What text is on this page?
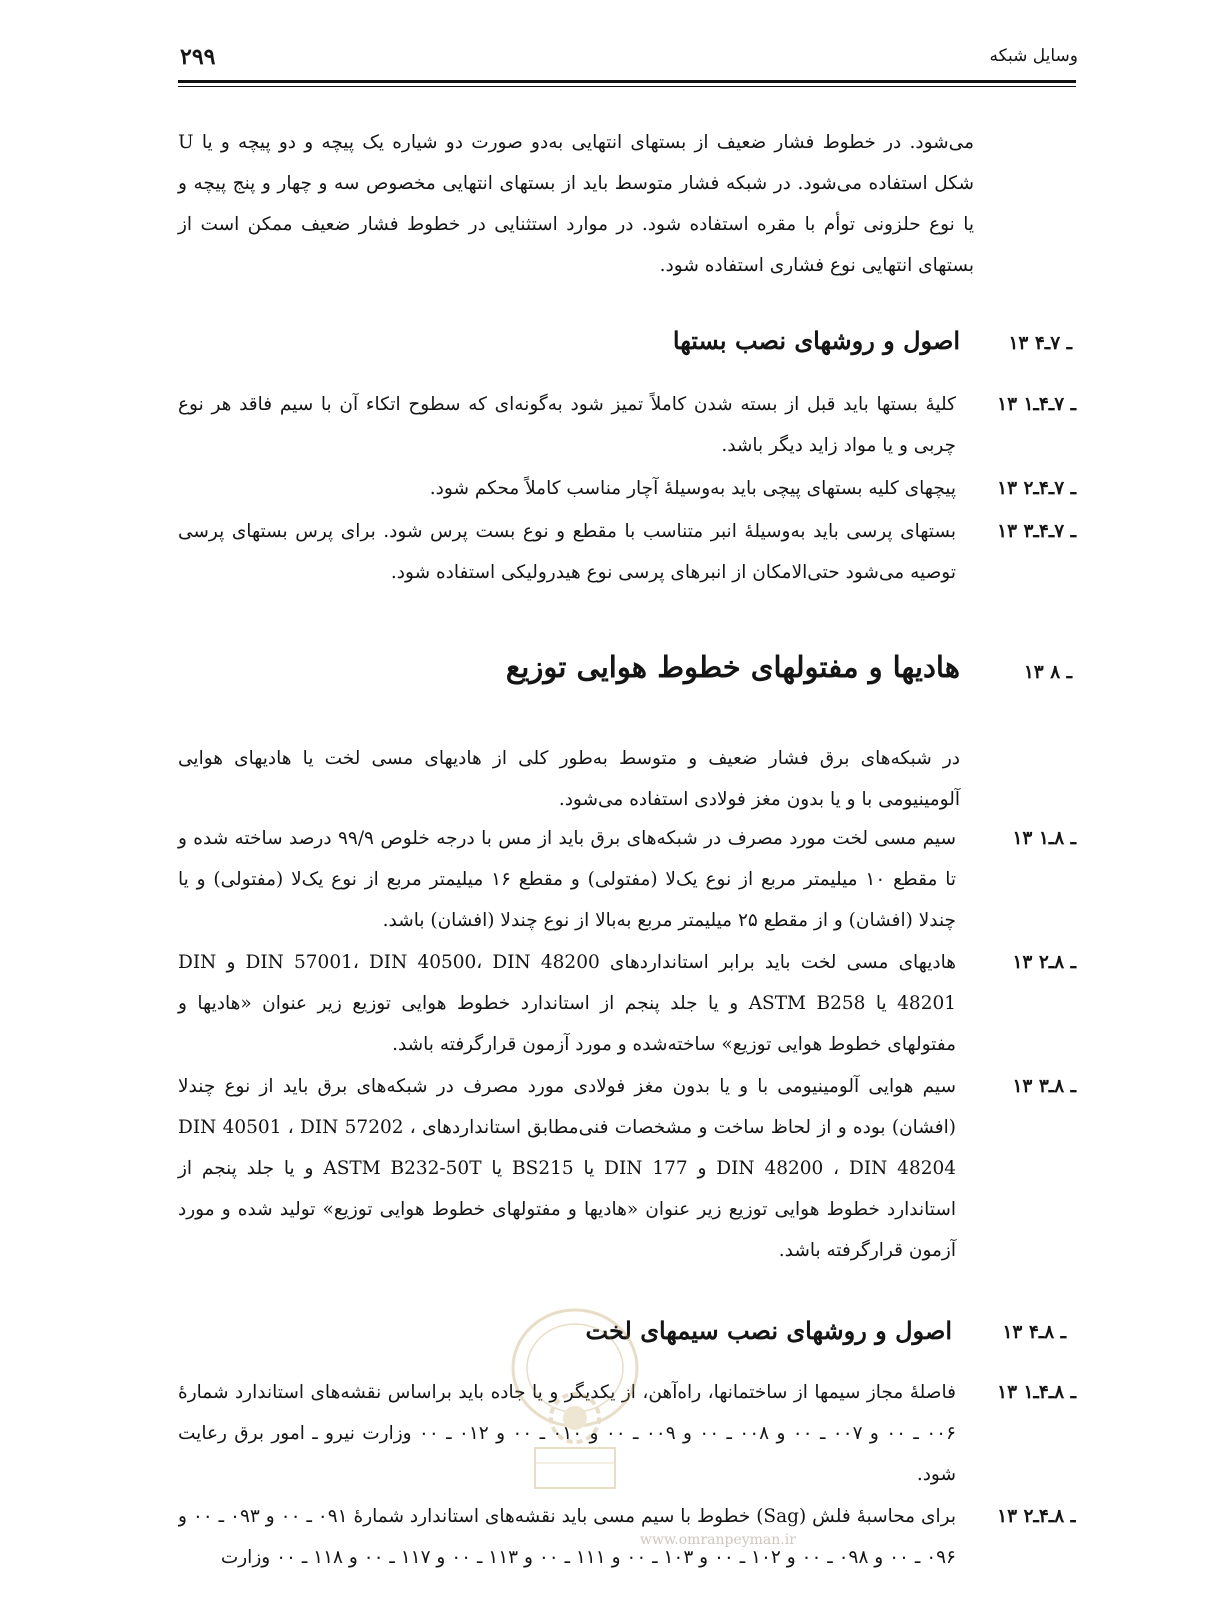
وسایل شبکه
۲۹۹
می‌شود. در خطوط فشار ضعیف از بستهای انتهایی به‌دو صورت دو شیاره یک پیچه و دو پیچه و یا U شکل استفاده می‌شود. در شبکه فشار متوسط باید از بستهای انتهایی مخصوص سه و چهار و پنج پیچه و یا نوع حلزونی توأم با مقره استفاده شود. در موارد استثنایی در خطوط فشار ضعیف ممکن است از بستهای انتهایی نوع فشاری استفاده شود.
۱۳ ـ ۷ـ۴
اصول و روشهای نصب بستها
۱۳ ـ ۷ـ۴ـ۱
کلیهٔ بستها باید قبل از بسته شدن کاملاً تمیز شود به‌گونه‌ای که سطوح اتکاء آن با سیم فاقد هر نوع چربی و یا مواد زاید دیگر باشد.
۱۳ ـ ۷ـ۴ـ۲
پیچهای کلیه بستهای پیچی باید به‌وسیلهٔ آچار مناسب کاملاً محکم شود.
۱۳ ـ ۷ـ۴ـ۳
بستهای پرسی باید به‌وسیلهٔ انبر متناسب با مقطع و نوع بست پرس شود. برای پرس بستهای پرسی توصیه می‌شود حتی‌الامکان از انبرهای پرسی نوع هیدرولیکی استفاده شود.
۱۳ ـ ۸
هادیها و مفتولهای خطوط هوایی توزیع
در شبکه‌های برق فشار ضعیف و متوسط به‌طور کلی از هادیهای مسی لخت یا هادیهای هوایی آلومینیومی با و یا بدون مغز فولادی استفاده می‌شود.
۱۳ ـ ۸ـ۱
سیم مسی لخت مورد مصرف در شبکه‌های برق باید از مس با درجه خلوص ۹۹/۹ درصد ساخته شده و تا مقطع ۱۰ میلیمتر مربع از نوع یک‌لا (مفتولی) و مقطع ۱۶ میلیمتر مربع از نوع یک‌لا (مفتولی) و یا چندلا (افشان) و از مقطع ۲۵ میلیمتر مربع به‌بالا از نوع چندلا (افشان) باشد.
۱۳ ـ ۸ـ۲
هادیهای مسی لخت باید برابر استانداردهای DIN 57001، DIN 40500، DIN 48200 و DIN 48201 یا ASTM B258 و یا جلد پنجم از استاندارد خطوط هوایی توزیع زیر عنوان «هادیها و مفتولهای خطوط هوایی توزیع» ساخته‌شده و مورد آزمون قرارگرفته باشد.
۱۳ ـ ۸ـ۳
سیم هوایی آلومینیومی با و یا بدون مغز فولادی مورد مصرف در شبکه‌های برق باید از نوع چندلا (افشان) بوده و از لحاظ ساخت و مشخصات فنی‌مطابق استانداردهای DIN 40501 ، DIN 57202 ، DIN 48200 ، DIN 48204 و DIN 177 یا BS215 یا ASTM B232-50T و یا جلد پنجم از استاندارد خطوط هوایی توزیع زیر عنوان «هادیها و مفتولهای خطوط هوایی توزیع» تولید شده و مورد آزمون قرارگرفته باشد.
۱۳ ـ ۸ـ۴
اصول و روشهای نصب سیمهای لخت
۱۳ ـ ۸ـ۴ـ۱
فاصلهٔ مجاز سیمها از ساختمانها، راه‌آهن، از یکدیگر و یا جاده باید براساس نقشه‌های استاندارد شمارهٔ ۰۰۶ ـ ۰۰ و ۰۰۷ ـ ۰۰ و ۰۰۸ ـ ۰۰ و ۰۰۹ ـ ۰۰ و ۰۱۰ ـ ۰۰ و ۰۱۲ ـ ۰۰ وزارت نیرو ـ امور برق رعایت شود.
۱۳ ـ ۸ـ۴ـ۲
برای محاسبهٔ فلش (Sag) خطوط با سیم مسی باید نقشه‌های استاندارد شمارهٔ ۰۹۱ ـ ۰۰ و ۰۹۳ ـ ۰۰ و ۰۹۶ ـ ۰۰ و ۰۹۸ ـ ۰۰ و ۱۰۲ ـ ۰۰ و ۱۰۳ ـ ۰۰ و ۱۱۱ ـ ۰۰ و ۱۱۳ ـ ۰۰ و ۱۱۷ ـ ۰۰ و ۱۱۸ ـ ۰۰ وزارت
www.omranpeyman.ir
